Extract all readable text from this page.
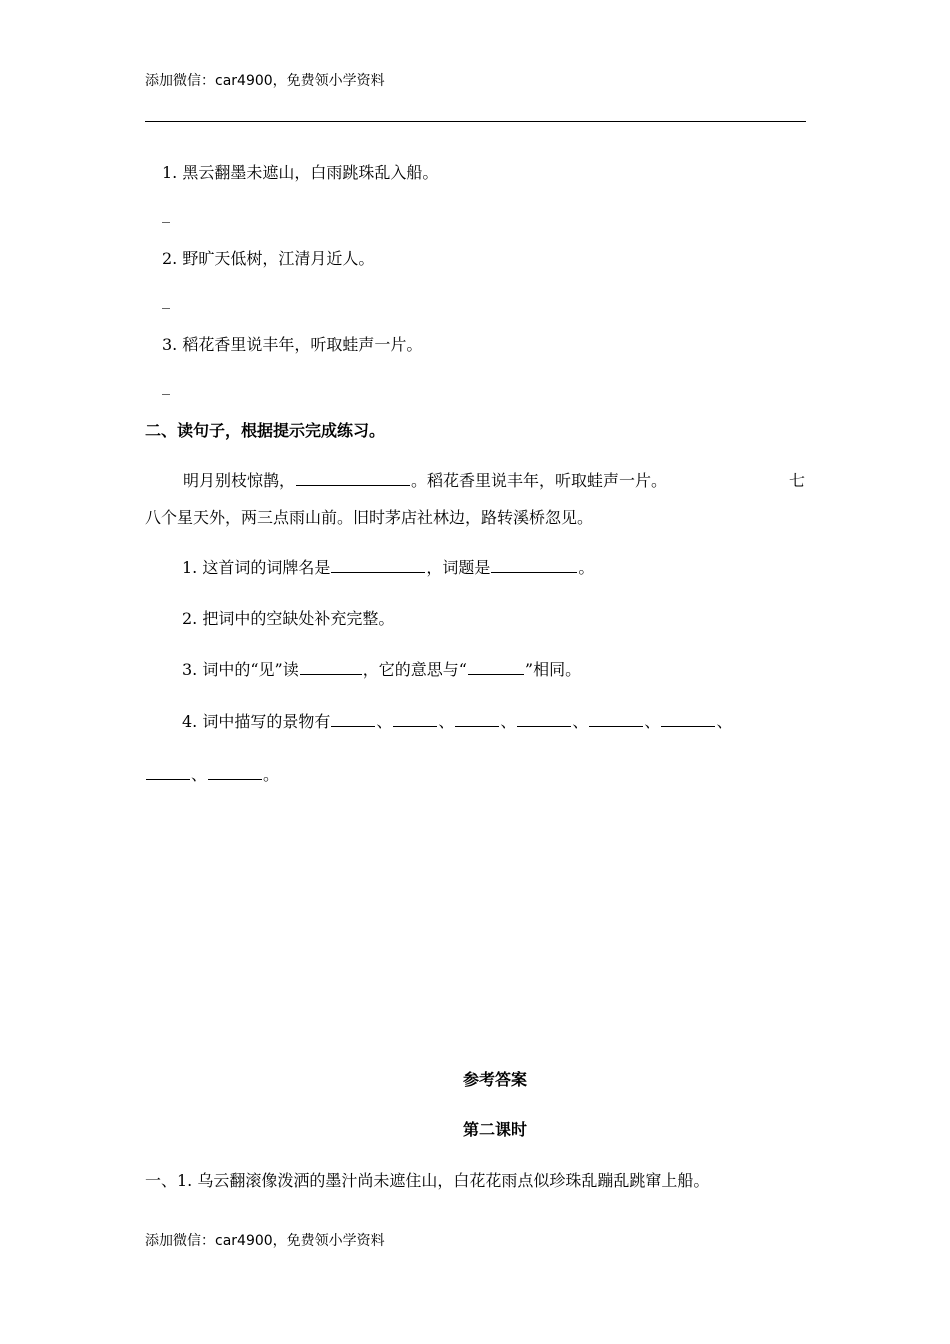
添加微信：car4900，免费领小学资料
1. 黑云翻墨未遮山，白雨跳珠乱入船。
_
2. 野旷天低树，江清月近人。
_
3. 稻花香里说丰年，听取蛙声一片。
_
二、读句子，根据提示完成练习。
明月别枝惊鹊，	。稻花香里说丰年，听取蛙声一片。	七
八个星天外，两三点雨山前。旧时茅店社林边，路转溪桥忽见。
1. 这首词的词牌名是	，词题是	。
2. 把词中的空缺处补充完整。
3. 词中的“见”读	，它的意思与“	”相同。
4. 词中描写的景物有	、	、	、	、	、	、
、	。
参考答案
第二课时
一、1. 乌云翻滚像泼洒的墨汁尚未遮住山，白花花雨点似珍珠乱蹦乱跳窜上船。
添加微信：car4900，免费领小学资料
